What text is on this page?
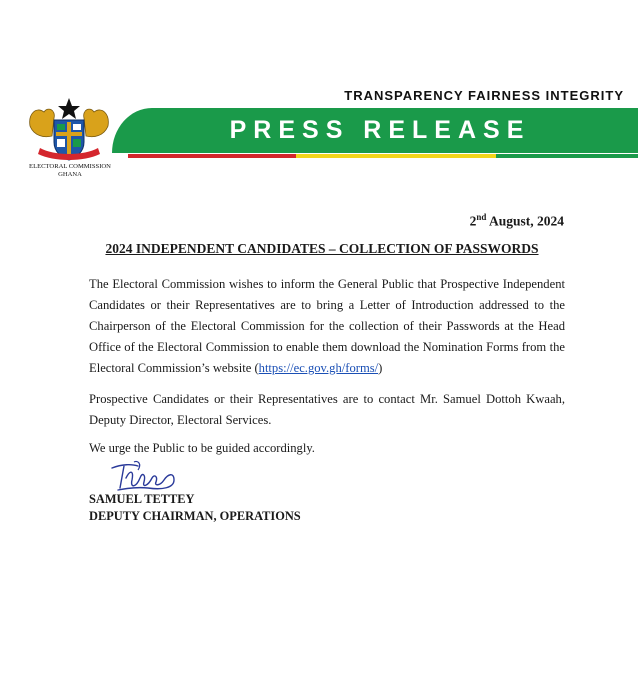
TRANSPARENCY FAIRNESS INTEGRITY
ELECTORAL COMMISSION
GHANA
PRESS RELEASE
2nd August, 2024
2024 INDEPENDENT CANDIDATES – COLLECTION OF PASSWORDS

The Electoral Commission wishes to inform the General Public that Prospective Independent Candidates or their Representatives are to bring a Letter of Introduction addressed to the Chairperson of the Electoral Commission for the collection of their Passwords at the Head Office of the Electoral Commission to enable them download the Nomination Forms from the Electoral Commission’s website (https://ec.gov.gh/forms/)

Prospective Candidates or their Representatives are to contact Mr. Samuel Dottoh Kwaah, Deputy Director, Electoral Services.

We urge the Public to be guided accordingly.

SAMUEL TETTEY
DEPUTY CHAIRMAN, OPERATIONS
